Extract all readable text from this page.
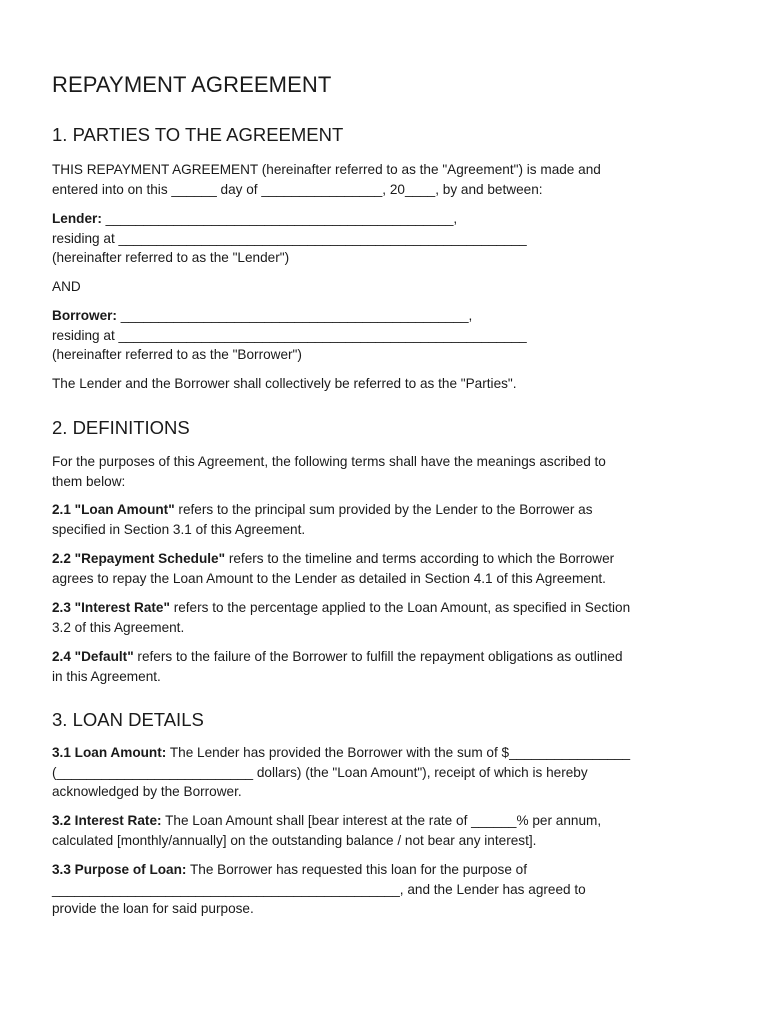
REPAYMENT AGREEMENT
1. PARTIES TO THE AGREEMENT

THIS REPAYMENT AGREEMENT (hereinafter referred to as the "Agreement") is made and
entered into on this ______ day of ________________, 20____, by and between:

Lender: ______________________________________________,
residing at ______________________________________________________
(hereinafter referred to as the "Lender")

AND

Borrower: ______________________________________________,
residing at ______________________________________________________
(hereinafter referred to as the "Borrower")

The Lender and the Borrower shall collectively be referred to as the "Parties".

2. DEFINITIONS

For the purposes of this Agreement, the following terms shall have the meanings ascribed to
them below:

2.1 "Loan Amount" refers to the principal sum provided by the Lender to the Borrower as
specified in Section 3.1 of this Agreement.

2.2 "Repayment Schedule" refers to the timeline and terms according to which the Borrower
agrees to repay the Loan Amount to the Lender as detailed in Section 4.1 of this Agreement.

2.3 "Interest Rate" refers to the percentage applied to the Loan Amount, as specified in Section
3.2 of this Agreement.

2.4 "Default" refers to the failure of the Borrower to fulfill the repayment obligations as outlined
in this Agreement.

3. LOAN DETAILS

3.1 Loan Amount: The Lender has provided the Borrower with the sum of $________________
(__________________________ dollars) (the "Loan Amount"), receipt of which is hereby
acknowledged by the Borrower.

3.2 Interest Rate: The Loan Amount shall [bear interest at the rate of ______% per annum,
calculated [monthly/annually] on the outstanding balance / not bear any interest].

3.3 Purpose of Loan: The Borrower has requested this loan for the purpose of
______________________________________________, and the Lender has agreed to
provide the loan for said purpose.
